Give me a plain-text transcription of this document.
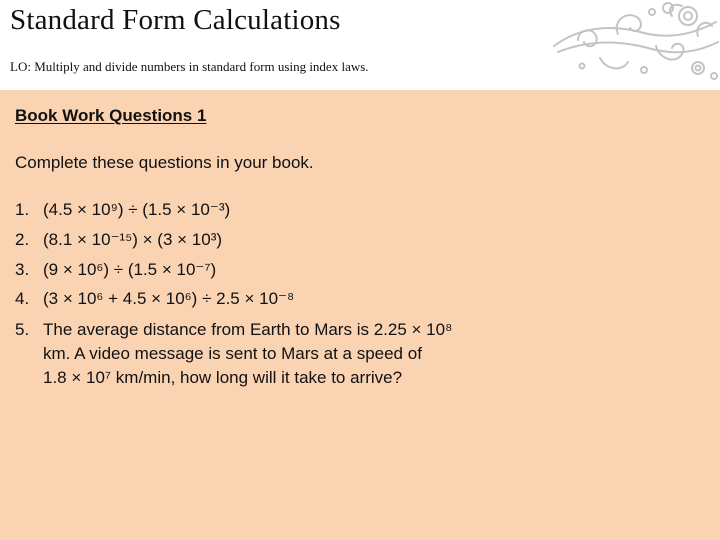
Standard Form Calculations
LO: Multiply and divide numbers in standard form using index laws.
Book Work Questions 1
Complete these questions in your book.
1. (4.5 × 10⁹) ÷ (1.5 × 10⁻³)
2. (8.1 × 10⁻¹⁵) × (3 × 10³)
3. (9 × 10⁶) ÷ (1.5 × 10⁻⁷)
4. (3 × 10⁶ + 4.5 × 10⁶) ÷ 2.5 × 10⁻⁸
5. The average distance from Earth to Mars is 2.25 × 10⁸
km. A video message is sent to Mars at a speed of
1.8 × 10⁷ km/min, how long will it take to arrive?
